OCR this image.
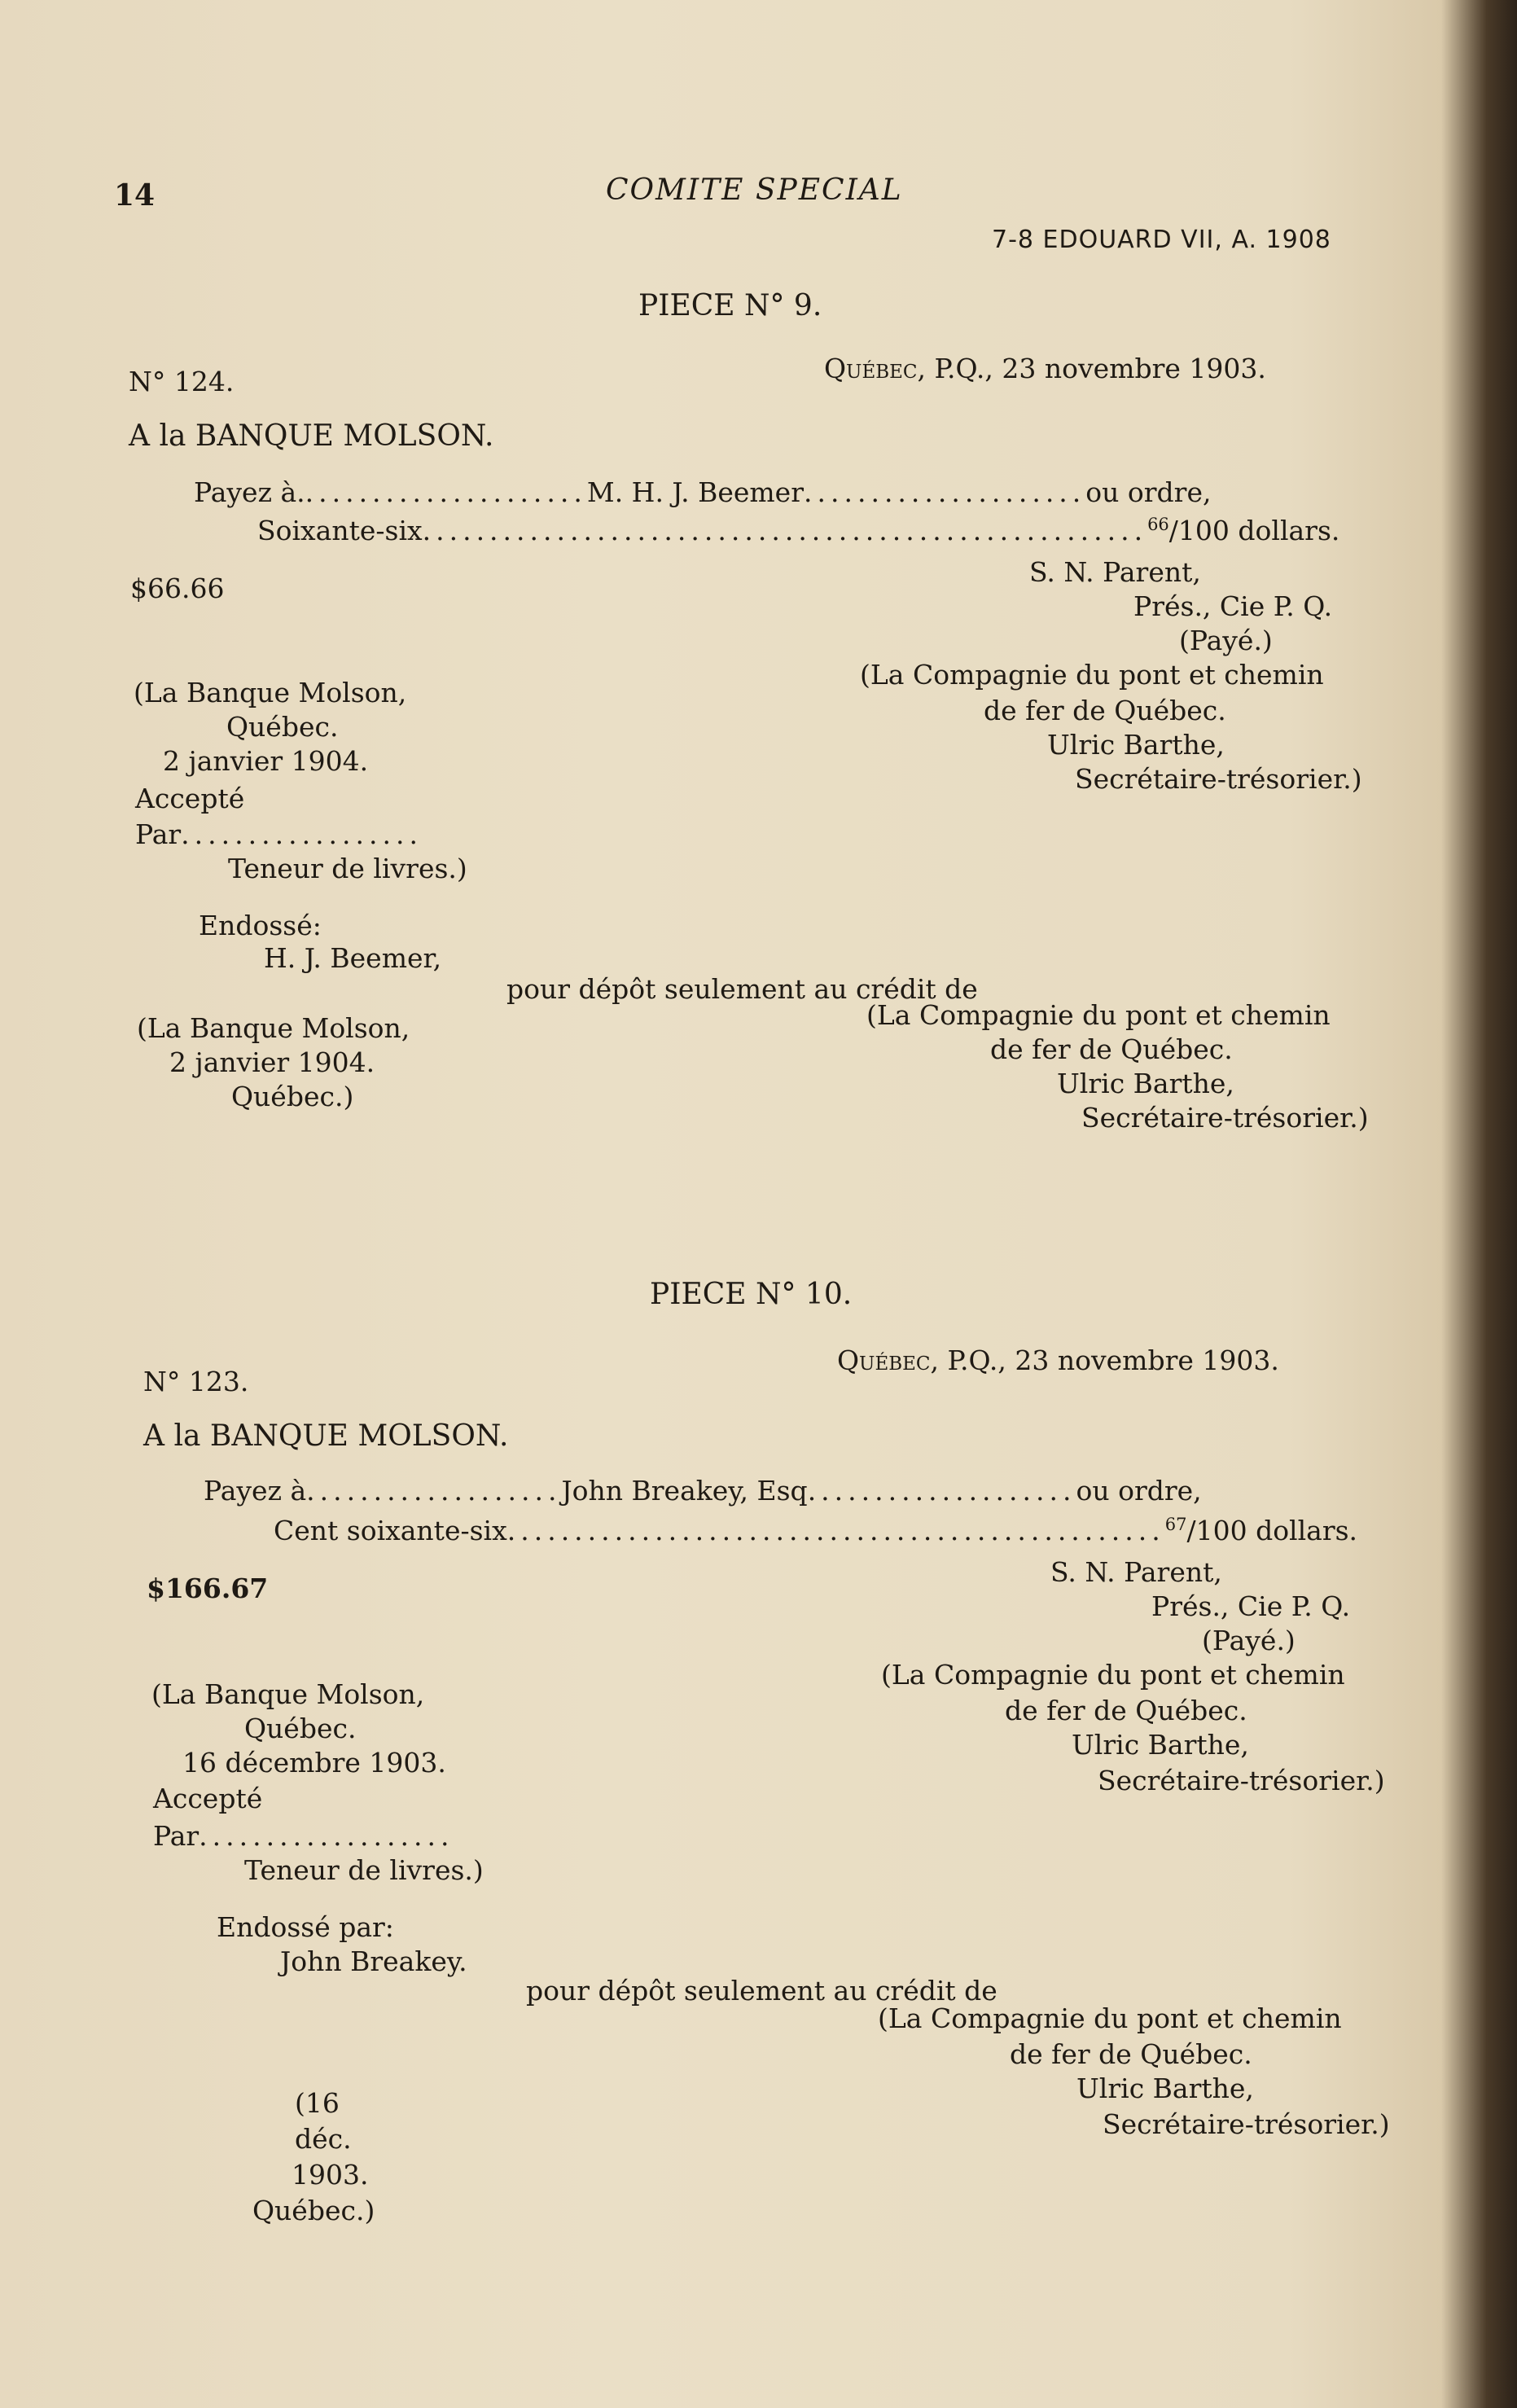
14	COMITE SPECIAL
7-8 EDOUARD VII, A. 1908
PIECE N° 9.
N° 124.	Québec, P.Q., 23 novembre 1903.
A la BANQUE MOLSON.
Payez à......................M. H. J. Beemer.....................ou ordre,
Soixante-six......................................................$^{66}$/100 dollars.
$66.66
S. N. Parent,
Prés., Cie P. Q.
(Payé.)
(La Compagnie du pont et chemin
de fer de Québec.
Ulric Barthe,
Secrétaire-trésorier.)
(La Banque Molson,
Québec.
2 janvier 1904.
Accepté
Par..................
Teneur de livres.)
Endossé:
H. J. Beemer,
pour dépôt seulement au crédit de
(La Compagnie du pont et chemin
de fer de Québec.
Ulric Barthe,
Secrétaire-trésorier.)
(La Banque Molson,
2 janvier 1904.
Québec.)
PIECE N° 10.
N° 123.
Québec, P.Q., 23 novembre 1903.
A la BANQUE MOLSON.
Payez à...................John Breakey, Esq....................ou ordre,
Cent soixante-six.................................................$^{67}$/100 dollars.
$166.67
S. N. Parent,
Prés., Cie P. Q.
(Payé.)
(La Compagnie du pont et chemin
de fer de Québec.
Ulric Barthe,
Secrétaire-trésorier.)
(La Banque Molson,
Québec.
16 décembre 1903.
Accepté
Par...................
Teneur de livres.)
Endossé par:
John Breakey.
pour dépôt seulement au crédit de
(La Compagnie du pont et chemin
de fer de Québec.
Ulric Barthe,
Secrétaire-trésorier.)
(16
déc.
1903.
Québec.)
